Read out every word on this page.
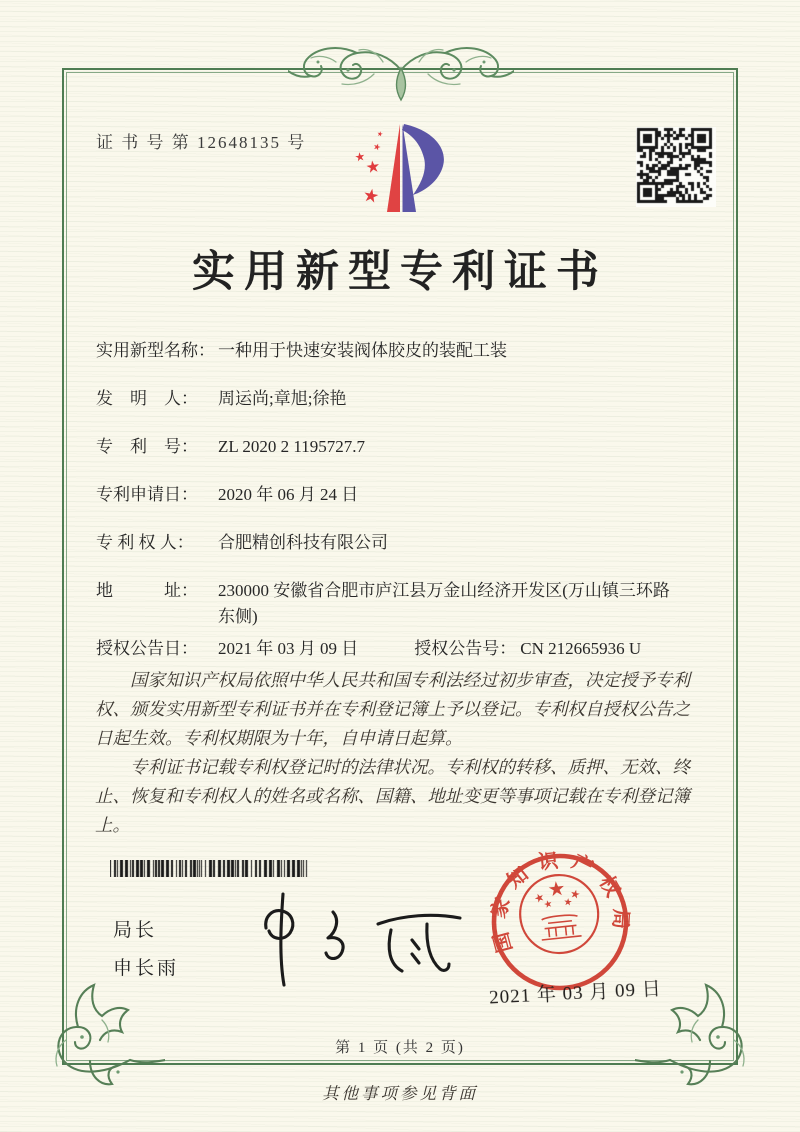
证 书 号 第 12648135 号
实用新型专利证书
实用新型名称： 一种用于快速安装阀体胶皮的装配工装
发　明　人：	周运尚;章旭;徐艳
专　利　号：	ZL 2020 2 1195727.7
专利申请日：	2020 年 06 月 24 日
专 利 权 人：	合肥精创科技有限公司
地　　　址：	230000 安徽省合肥市庐江县万金山经济开发区(万山镇三环路东侧)
授权公告日：	2021 年 03 月 09 日	授权公告号： CN 212665936 U

国家知识产权局依照中华人民共和国专利法经过初步审查，决定授予专利权、颁发实用新型专利证书并在专利登记簿上予以登记。专利权自授权公告之日起生效。专利权期限为十年，自申请日起算。

专利证书记载专利权登记时的法律状况。专利权的转移、质押、无效、终止、恢复和专利权人的姓名或名称、国籍、地址变更等事项记载在专利登记簿上。

局长
申长雨
国家知识产权局
2021 年 03 月 09 日
第 1 页 (共 2 页)
其他事项参见背面
